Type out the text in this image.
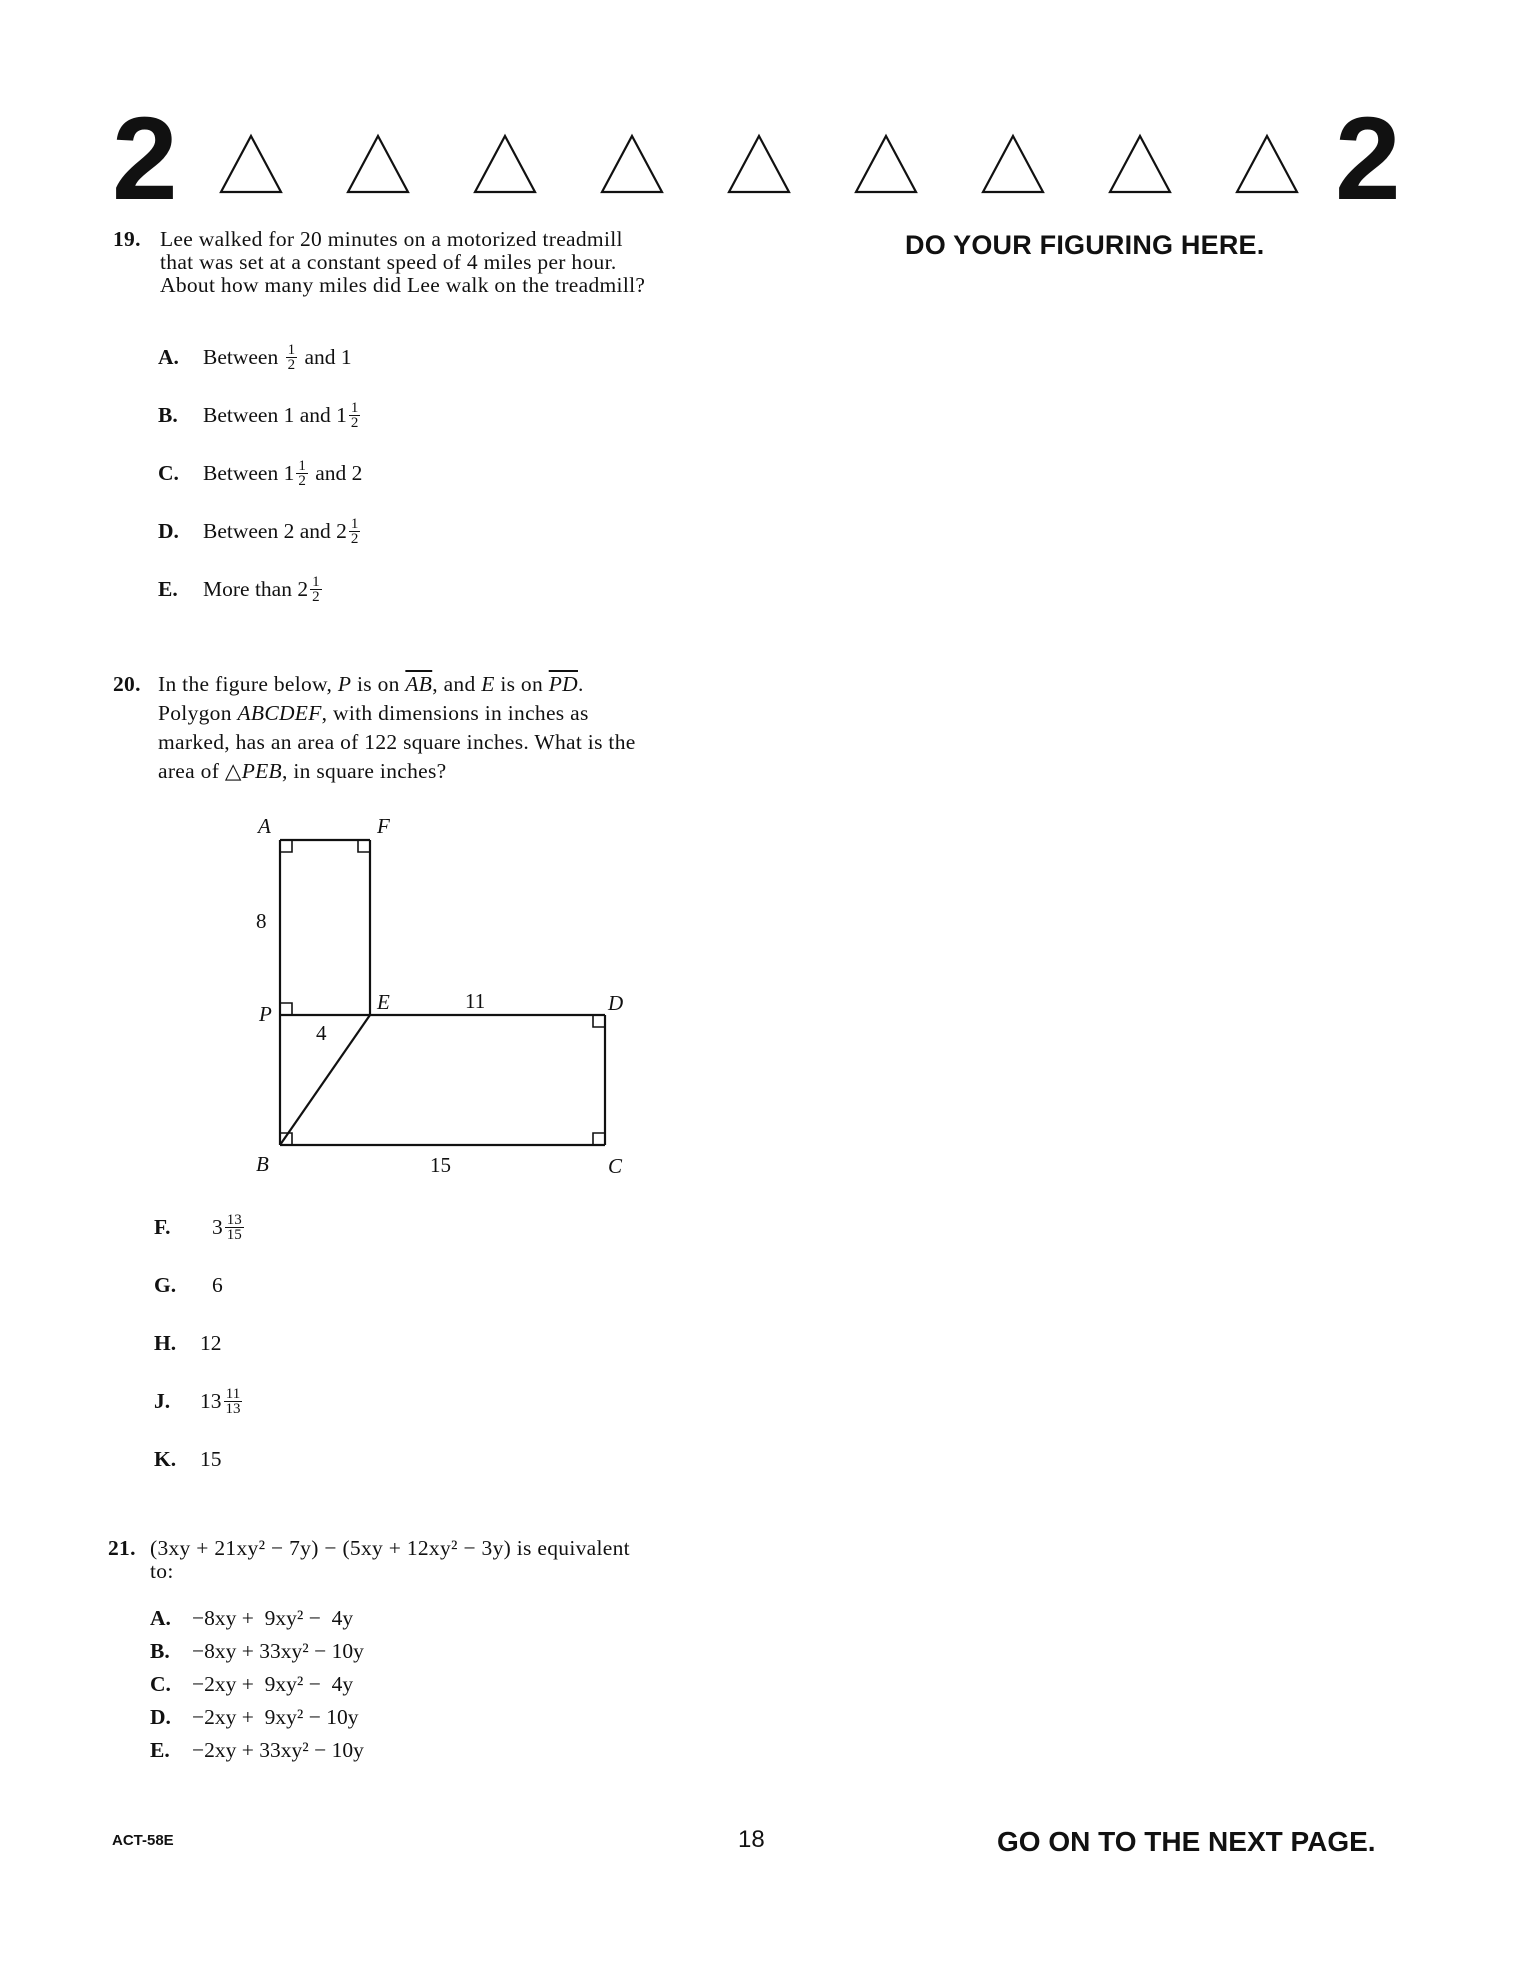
2	2
DO YOUR FIGURING HERE.
19. Lee walked for 20 minutes on a motorized treadmill
that was set at a constant speed of 4 miles per hour.
About how many miles did Lee walk on the treadmill?
A.	Between $\frac{1}{2}$ and 1
B.	Between 1 and $1 \frac{1}{2}$
C.	Between $1 \frac{1}{2}$ and 2
D.	Between 2 and $2 \frac{1}{2}$
E.	More than $2 \frac{1}{2}$
20. In the figure below, P is on $\overline{AB}$, and E is on $\overline{PD}$.
Polygon ABCDEF, with dimensions in inches as
marked, has an area of 122 square inches. What is the
area of △PEB, in square inches?
A	F
P	E	D
B	C
8
4
11
15
F.	$3 \frac{13}{15}$
G.	6
H.	12
J.	$13 \frac{11}{13}$
K.	15
21. (3xy + 21xy² − 7y) − (5xy + 12xy² − 3y) is equivalent
to:
A. −8xy +  9xy² −  4y
B.	−8xy + 33xy² − 10y
C. −2xy +  9xy² −  4y
D. −2xy +  9xy² − 10y
E.	−2xy + 33xy² − 10y
ACT-58E	18	GO ON TO THE NEXT PAGE.
